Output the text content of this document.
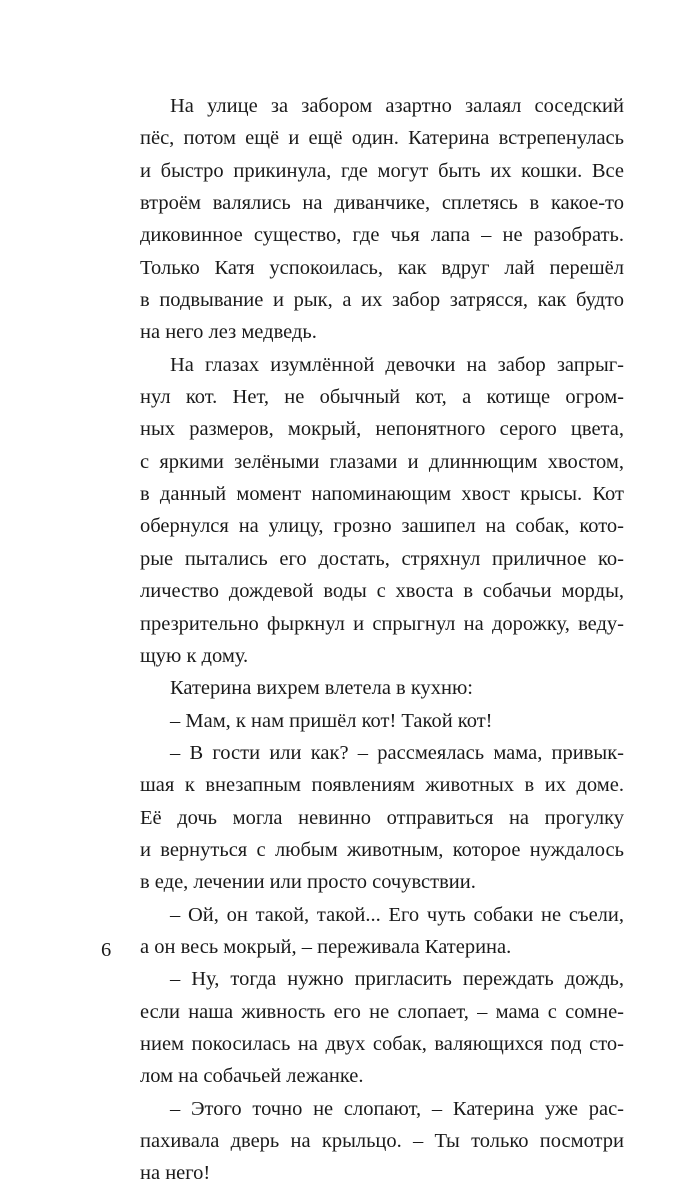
На улице за забором азартно залаял соседский
пёс, потом ещё и ещё один. Катерина встрепенулась
и быстро прикинула, где могут быть их кошки. Все
втроём валялись на диванчике, сплетясь в какое-то
диковинное существо, где чья лапа – не разобрать.
Только Катя успокоилась, как вдруг лай перешёл
в подвывание и рык, а их забор затрясся, как будто
на него лез медведь.
На глазах изумлённой девочки на забор запрыг-
нул кот. Нет, не обычный кот, а котище огром-
ных размеров, мокрый, непонятного серого цвета,
с яркими зелёными глазами и длиннющим хвостом,
в данный момент напоминающим хвост крысы. Кот
обернулся на улицу, грозно зашипел на собак, кото-
рые пытались его достать, стряхнул приличное ко-
личество дождевой воды с хвоста в собачьи морды,
презрительно фыркнул и спрыгнул на дорожку, веду-
щую к дому.
Катерина вихрем влетела в кухню:
– Мам, к нам пришёл кот! Такой кот!
– В гости или как? – рассмеялась мама, привык-
шая к внезапным появлениям животных в их доме.
Её дочь могла невинно отправиться на прогулку
и вернуться с любым животным, которое нуждалось
в еде, лечении или просто сочувствии.
– Ой, он такой, такой... Его чуть собаки не съели,
а он весь мокрый, – переживала Катерина.
– Ну, тогда нужно пригласить переждать дождь,
если наша живность его не слопает, – мама с сомне-
нием покосилась на двух собак, валяющихся под сто-
лом на собачьей лежанке.
– Этого точно не слопают, – Катерина уже рас-
пахивала дверь на крыльцо. – Ты только посмотри
на него!
6
